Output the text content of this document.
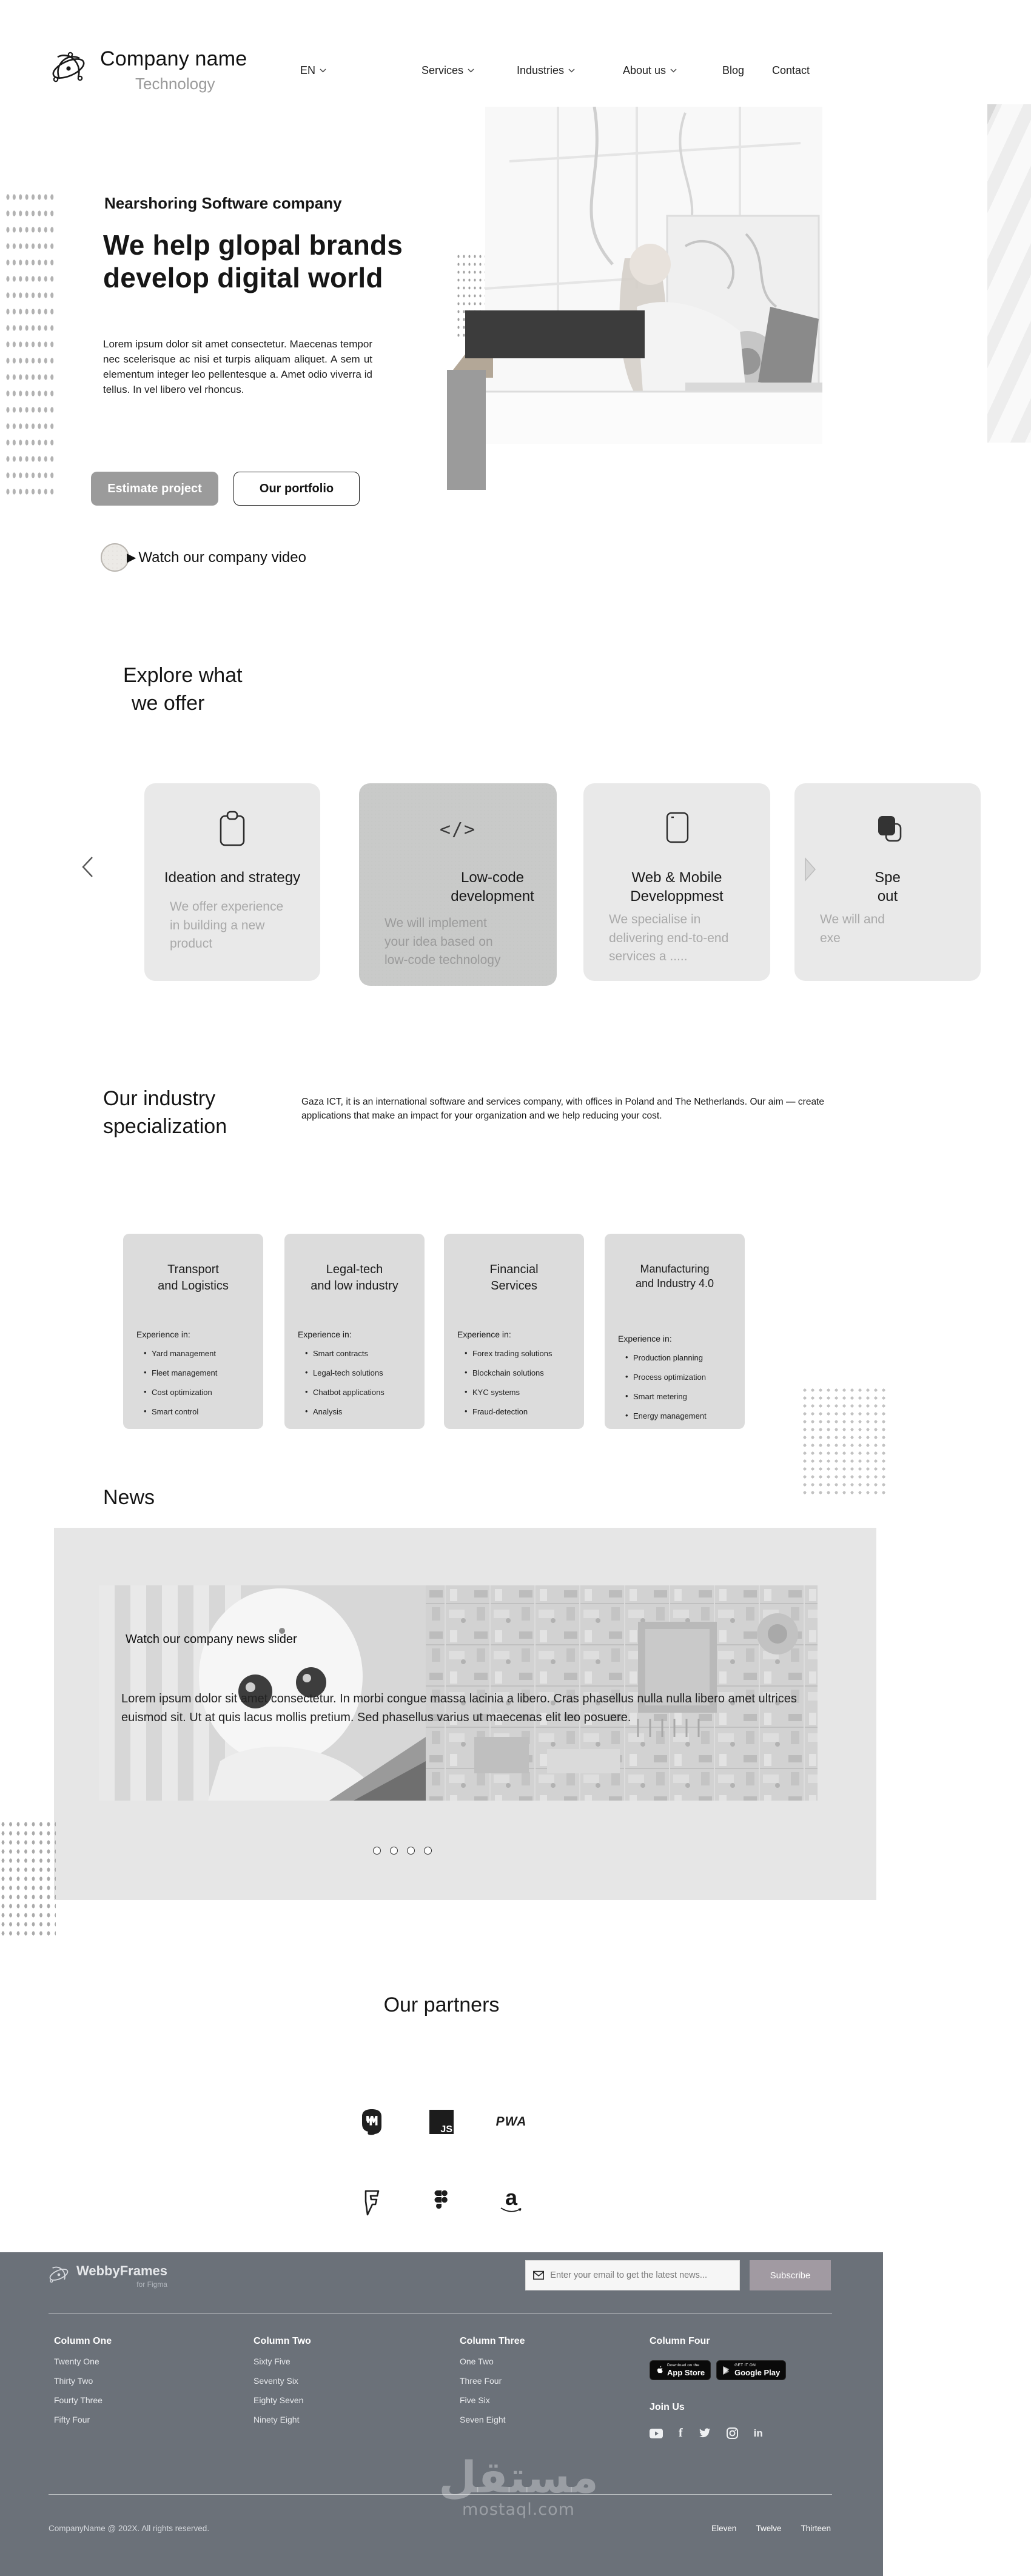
Company name
Technology
EN	Services	Industries	About us	Blog	Contact
Nearshoring Software company
We help glopal brands
develop digital world
Lorem ipsum dolor sit amet consectetur. Maecenas tempor nec scelerisque ac nisi et turpis aliquam aliquet. A sem ut elementum integer leo pellentesque a. Amet odio viverra id tellus. In vel libero vel rhoncus.
Estimate project	Our portfolio
▶ Watch our company video
Explore what
we offer
Ideation and strategy
We offer experience in building a new product
</>
Low-code development
We will implement your idea based on low-code technology
Web & Mobile Developpmest
We specialise in delivering end-to-end services a .....
Spe out
We will and exe
Our industry
specialization
Gaza ICT, it is an international software and services company, with offices in Poland and The Netherlands. Our aim — create applications that make an impact for your organization and we help reducing your cost.
Transport
and Logistics
Experience in:
• Yard management
• Fleet management
• Cost optimization
• Smart control
Legal-tech
and low industry
Experience in:
• Smart contracts
• Legal-tech solutions
• Chatbot applications
• Analysis
Financial
Services
Experience in:
• Forex trading solutions
• Blockchain solutions
• KYC systems
• Fraud-detection
Manufacturing
and Industry 4.0
Experience in:
• Production planning
• Process optimization
• Smart metering
• Energy management
News
Watch our company news slider
Lorem ipsum dolor sit amet consectetur. In morbi congue massa lacinia a libero. Cras phasellus nulla nulla libero amet ultrices euismod sit. Ut at quis lacus mollis pretium. Sed phasellus varius ut maecenas elit leo posuere.
Our partners
JS
PWA
a
WebbyFrames
for Figma
Enter your email to get the latest news...
Subscribe
Column One
Twenty One
Thirty Two
Fourty Three
Fifty Four
Column Two
Sixty Five
Seventy Six
Eighty Seven
Ninety Eight
Column Three
One Two
Three Four
Five Six
Seven Eight
Column Four
Download on the
App Store
GET IT ON
Google Play
Join Us
f	in
CompanyName @ 202X. All rights reserved.	Eleven Twelve Thirteen
مستقل
mostaql.com
